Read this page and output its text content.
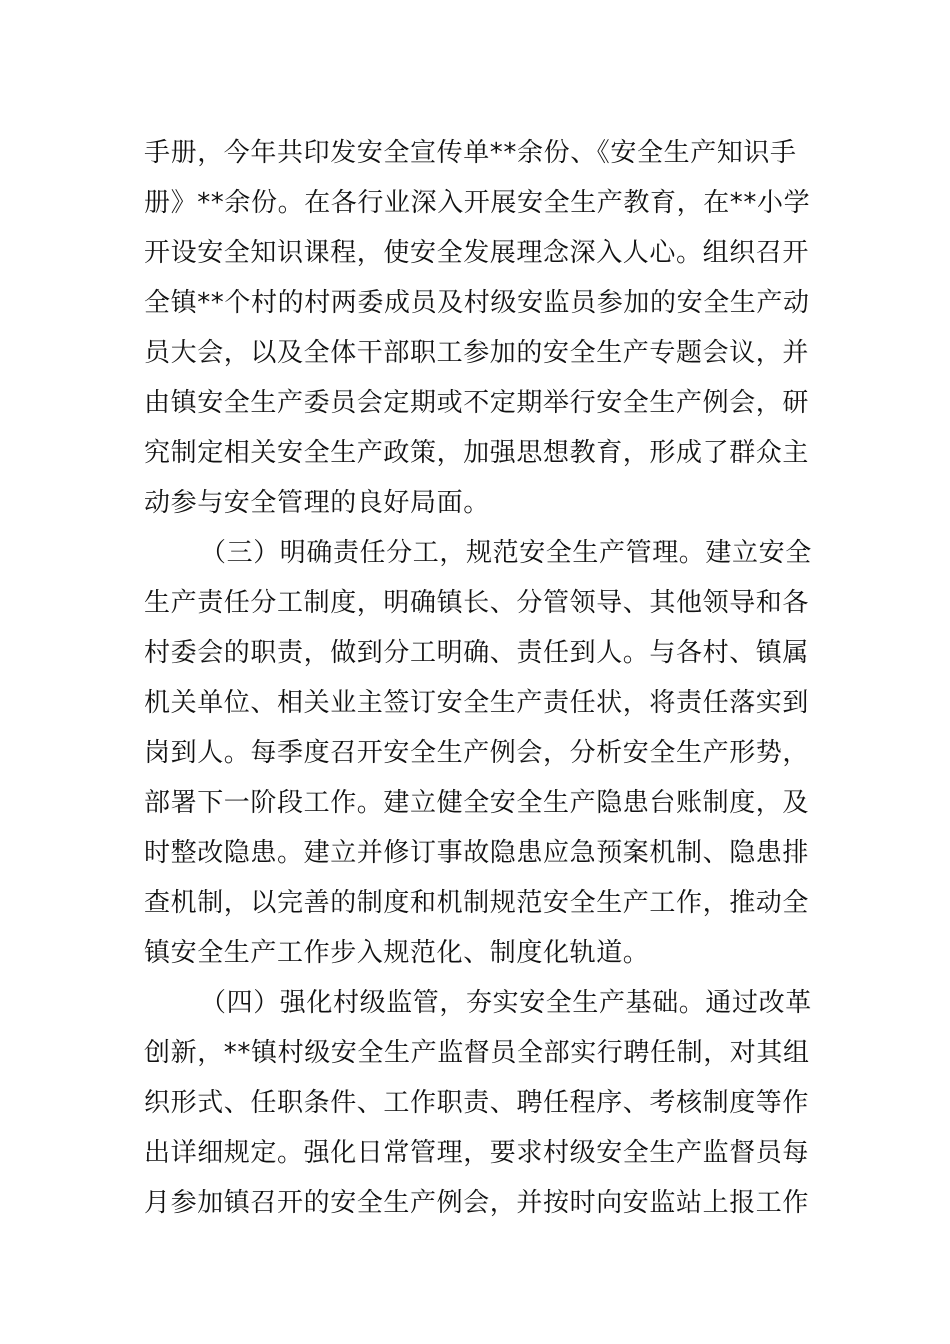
手册，今年共印发安全宣传单**余份、《安全生产知识手
册》**余份。在各行业深入开展安全生产教育，在**小学
开设安全知识课程，使安全发展理念深入人心。组织召开
全镇**个村的村两委成员及村级安监员参加的安全生产动
员大会，以及全体干部职工参加的安全生产专题会议，并
由镇安全生产委员会定期或不定期举行安全生产例会，研
究制定相关安全生产政策，加强思想教育，形成了群众主
动参与安全管理的良好局面。
（三）明确责任分工，规范安全生产管理。建立安全
生产责任分工制度，明确镇长、分管领导、其他领导和各
村委会的职责，做到分工明确、责任到人。与各村、镇属
机关单位、相关业主签订安全生产责任状，将责任落实到
岗到人。每季度召开安全生产例会，分析安全生产形势，
部署下一阶段工作。建立健全安全生产隐患台账制度，及
时整改隐患。建立并修订事故隐患应急预案机制、隐患排
查机制，以完善的制度和机制规范安全生产工作，推动全
镇安全生产工作步入规范化、制度化轨道。
（四）强化村级监管，夯实安全生产基础。通过改革
创新，**镇村级安全生产监督员全部实行聘任制，对其组
织形式、任职条件、工作职责、聘任程序、考核制度等作
出详细规定。强化日常管理，要求村级安全生产监督员每
月参加镇召开的安全生产例会，并按时向安监站上报工作
